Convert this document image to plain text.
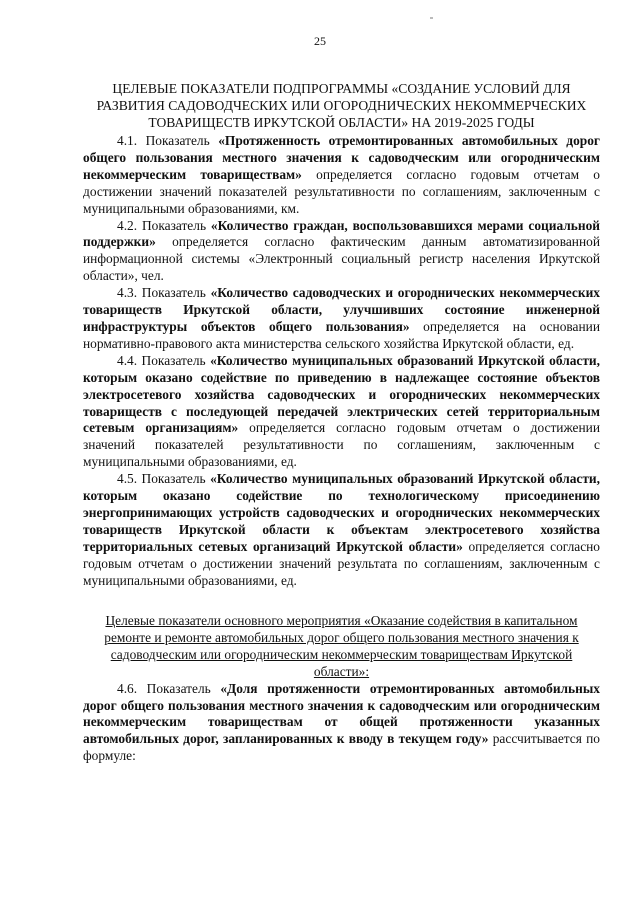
25
ЦЕЛЕВЫЕ ПОКАЗАТЕЛИ ПОДПРОГРАММЫ «СОЗДАНИЕ УСЛОВИЙ ДЛЯ РАЗВИТИЯ САДОВОДЧЕСКИХ ИЛИ ОГОРОДНИЧЕСКИХ НЕКОММЕРЧЕСКИХ ТОВАРИЩЕСТВ ИРКУТСКОЙ ОБЛАСТИ» НА 2019-2025 ГОДЫ

4.1. Показатель «Протяженность отремонтированных автомобильных дорог общего пользования местного значения к садоводческим или огородническим некоммерческим товариществам» определяется согласно годовым отчетам о достижении значений показателей результативности по соглашениям, заключенным с муниципальными образованиями, км.

4.2. Показатель «Количество граждан, воспользовавшихся мерами социальной поддержки» определяется согласно фактическим данным автоматизированной информационной системы «Электронный социальный регистр населения Иркутской области», чел.

4.3. Показатель «Количество садоводческих и огороднических некоммерческих товариществ Иркутской области, улучшивших состояние инженерной инфраструктуры объектов общего пользования» определяется на основании нормативно-правового акта министерства сельского хозяйства Иркутской области, ед.

4.4. Показатель «Количество муниципальных образований Иркутской области, которым оказано содействие по приведению в надлежащее состояние объектов электросетевого хозяйства садоводческих и огороднических некоммерческих товариществ с последующей передачей электрических сетей территориальным сетевым организациям» определяется согласно годовым отчетам о достижении значений показателей результативности по соглашениям, заключенным с муниципальными образованиями, ед.

4.5. Показатель «Количество муниципальных образований Иркутской области, которым оказано содействие по технологическому присоединению энергопринимающих устройств садоводческих и огороднических некоммерческих товариществ Иркутской области к объектам электросетевого хозяйства территориальных сетевых организаций Иркутской области» определяется согласно годовым отчетам о достижении значений результата по соглашениям, заключенным с муниципальными образованиями, ед.

Целевые показатели основного мероприятия «Оказание содействия в капитальном ремонте и ремонте автомобильных дорог общего пользования местного значения к садоводческим или огородническим некоммерческим товариществам Иркутской области»:

4.6. Показатель «Доля протяженности отремонтированных автомобильных дорог общего пользования местного значения к садоводческим или огородническим некоммерческим товариществам от общей протяженности указанных автомобильных дорог, запланированных к вводу в текущем году» рассчитывается по формуле:
